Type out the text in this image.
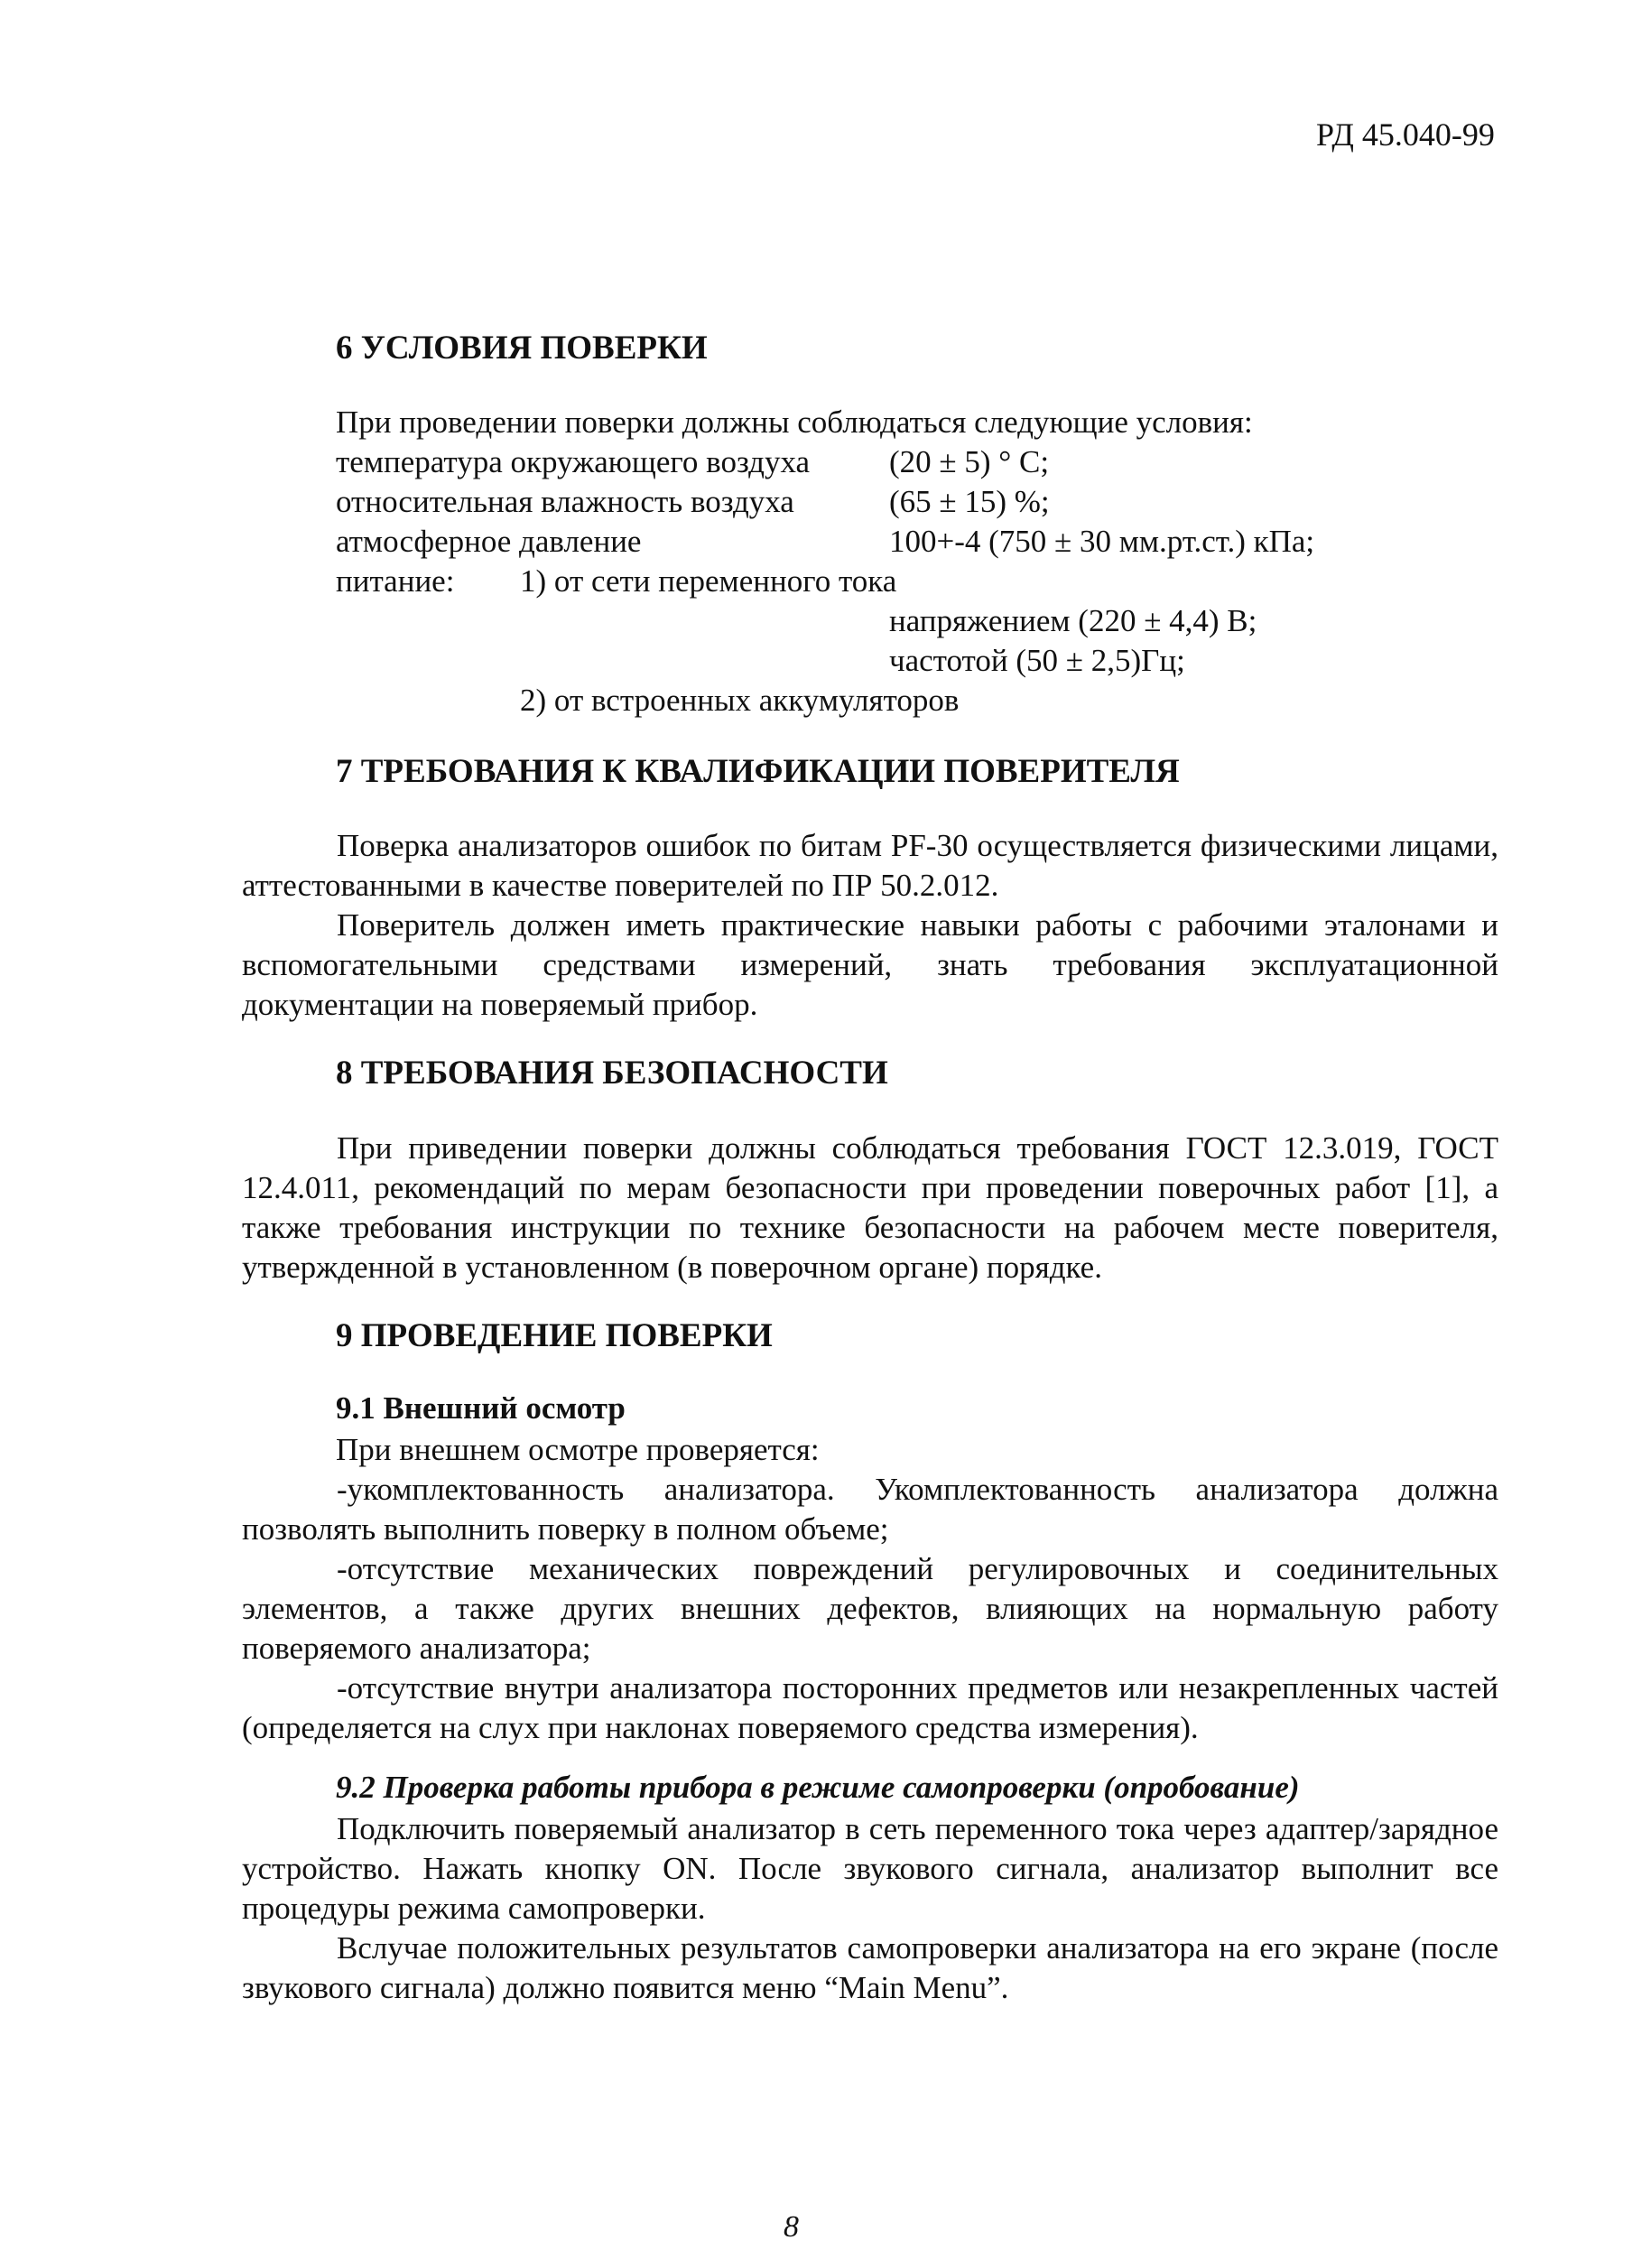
РД 45.040-99
6 УСЛОВИЯ ПОВЕРКИ
При проведении поверки должны соблюдаться следующие условия:
температура окружающего воздуха	(20 ± 5) ° С;
относительная влажность воздуха	(65 ± 15) %;
атмосферное давление	100+-4 (750 ± 30 мм.рт.ст.) кПа;
питание: 1) от сети переменного тока
напряжением (220 ± 4,4) В;
частотой (50 ± 2,5)Гц;
2) от встроенных аккумуляторов
7 ТРЕБОВАНИЯ К КВАЛИФИКАЦИИ ПОВЕРИТЕЛЯ

Поверка анализаторов ошибок по битам PF-30 осуществляется физическими лицами, аттестованными в качестве поверителей по ПР 50.2.012.

Поверитель должен иметь практические навыки работы с рабочими эталонами и вспомогательными средствами измерений, знать требования эксплуатационной документации на поверяемый прибор.

8 ТРЕБОВАНИЯ БЕЗОПАСНОСТИ

При приведении поверки должны соблюдаться требования ГОСТ 12.3.019, ГОСТ 12.4.011, рекомендаций по мерам безопасности при проведении поверочных работ [1], а также требования инструкции по технике безопасности на рабочем месте поверителя, утвержденной в установленном (в поверочном органе) порядке.

9 ПРОВЕДЕНИЕ ПОВЕРКИ
9.1 Внешний осмотр
При внешнем осмотре проверяется:

-укомплектованность анализатора. Укомплектованность анализатора должна позволять выполнить поверку в полном объеме;

-отсутствие механических повреждений регулировочных и соединительных элементов, а также других внешних дефектов, влияющих на нормальную работу поверяемого анализатора;

-отсутствие внутри анализатора посторонних предметов или незакрепленных частей (определяется на слух при наклонах поверяемого средства измерения).

9.2 Проверка работы прибора в режиме самопроверки (опробование)

Подключить поверяемый анализатор в сеть переменного тока через адаптер/зарядное устройство. Нажать кнопку ON. После звукового сигнала, анализатор выполнит все процедуры режима самопроверки.

Вслучае положительных результатов самопроверки анализатора на его экране (после звукового сигнала) должно появится меню “Main Menu”.

8
